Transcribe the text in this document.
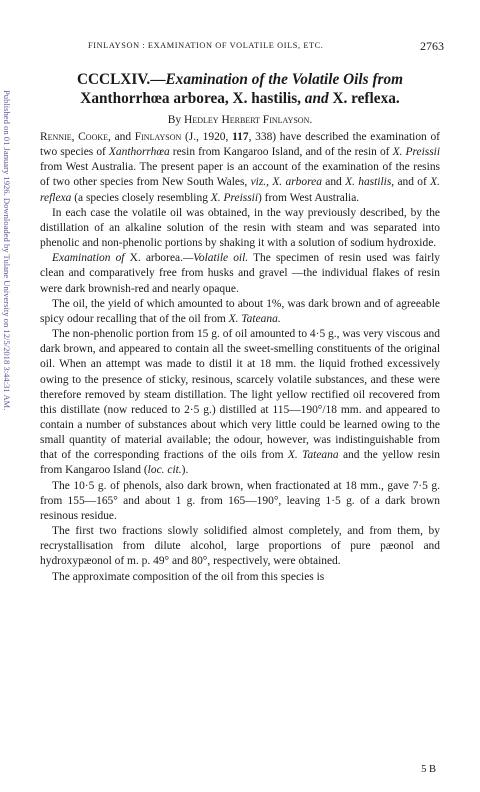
Published on 01 January 1926. Downloaded by Tulane University on 12/5/2018 3:44:31 AM.
FINLAYSON : EXAMINATION OF VOLATILE OILS, ETC.	2763
CCCLXIV.—Examination of the Volatile Oils from
Xanthorrhœa arborea, X. hastilis, and X. reflexa.
By Hedley Herbert Finlayson.

Rennie, Cooke, and Finlayson (J., 1920, 117, 338) have described the examination of two species of Xanthorrhœa resin from Kangaroo Island, and of the resin of X. Preissii from West Australia. The present paper is an account of the examination of the resins of two other species from New South Wales, viz., X. arborea and X. hastilis, and of X. reflexa (a species closely resembling X. Preissii) from West Australia.

In each case the volatile oil was obtained, in the way previously described, by the distillation of an alkaline solution of the resin with steam and was separated into phenolic and non-phenolic portions by shaking it with a solution of sodium hydroxide.

Examination of X. arborea.—Volatile oil. The specimen of resin used was fairly clean and comparatively free from husks and gravel —the individual flakes of resin were dark brownish-red and nearly opaque.

The oil, the yield of which amounted to about 1%, was dark brown and of agreeable spicy odour recalling that of the oil from X. Tateana.

The non-phenolic portion from 15 g. of oil amounted to 4·5 g., was very viscous and dark brown, and appeared to contain all the sweet-smelling constituents of the original oil. When an attempt was made to distil it at 18 mm. the liquid frothed excessively owing to the presence of sticky, resinous, scarcely volatile substances, and these were therefore removed by steam distillation. The light yellow rectified oil recovered from this distillate (now reduced to 2·5 g.) distilled at 115—190°/18 mm. and appeared to contain a number of substances about which very little could be learned owing to the small quantity of material available; the odour, however, was indistinguishable from that of the corresponding fractions of the oils from X. Tateana and the yellow resin from Kangaroo Island (loc. cit.).

The 10·5 g. of phenols, also dark brown, when fractionated at 18 mm., gave 7·5 g. from 155—165° and about 1 g. from 165—190°, leaving 1·5 g. of a dark brown resinous residue.

The first two fractions slowly solidified almost completely, and from them, by recrystallisation from dilute alcohol, large proportions of pure pæonol and hydroxypæonol of m. p. 49° and 80°, respectively, were obtained.

The approximate composition of the oil from this species is

5 B
